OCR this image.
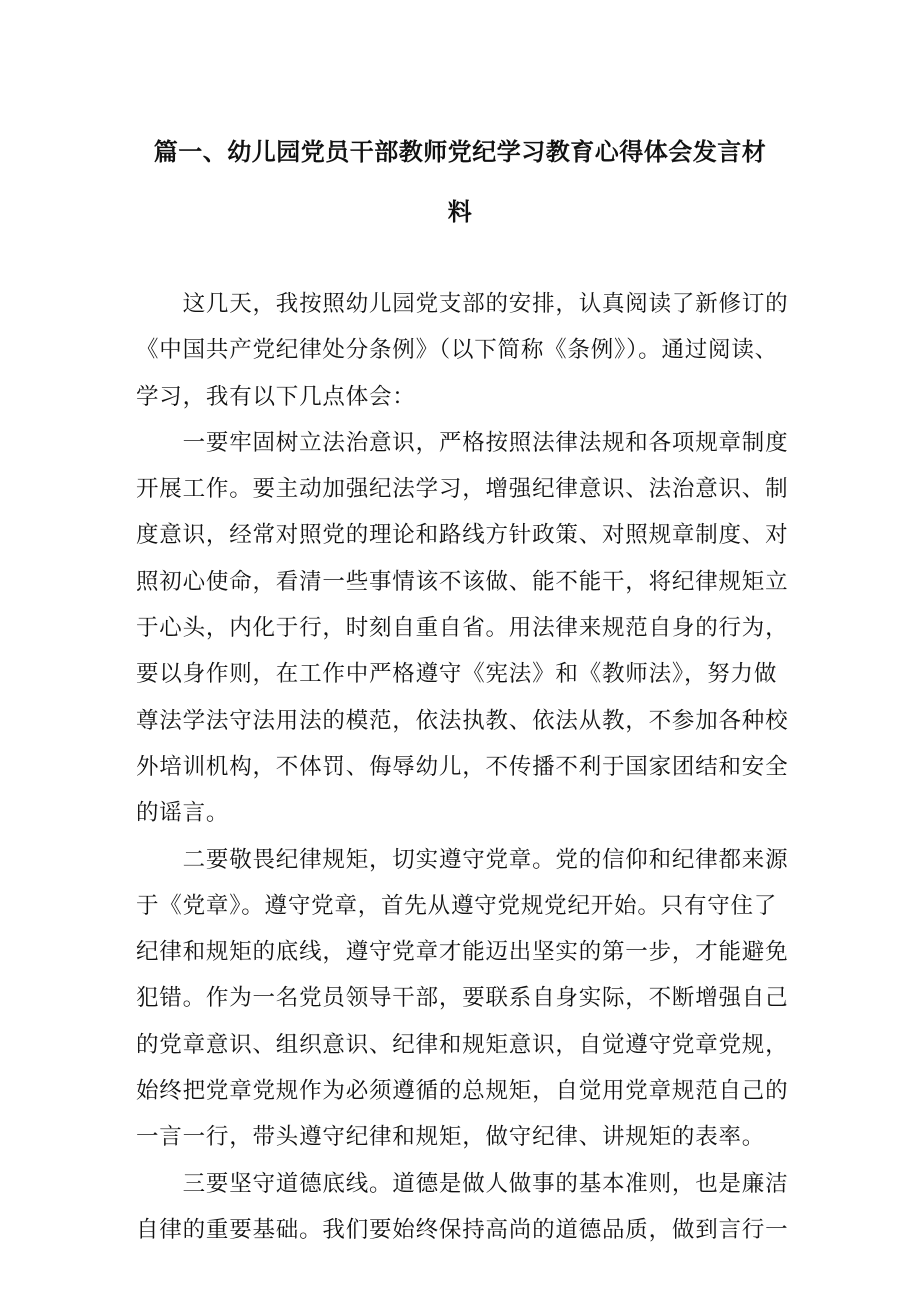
篇一、幼儿园党员干部教师党纪学习教育心得体会发言材
料
　　这几天，我按照幼儿园党支部的安排，认真阅读了新修订的
《中国共产党纪律处分条例》（以下简称《条例》）。通过阅读、
学习，我有以下几点体会：
　　一要牢固树立法治意识，严格按照法律法规和各项规章制度
开展工作。要主动加强纪法学习，增强纪律意识、法治意识、制
度意识，经常对照党的理论和路线方针政策、对照规章制度、对
照初心使命，看清一些事情该不该做、能不能干，将纪律规矩立
于心头，内化于行，时刻自重自省。用法律来规范自身的行为，
要以身作则，在工作中严格遵守《宪法》和《教师法》，努力做
尊法学法守法用法的模范，依法执教、依法从教，不参加各种校
外培训机构，不体罚、侮辱幼儿，不传播不利于国家团结和安全
的谣言。
　　二要敬畏纪律规矩，切实遵守党章。党的信仰和纪律都来源
于《党章》。遵守党章，首先从遵守党规党纪开始。只有守住了
纪律和规矩的底线，遵守党章才能迈出坚实的第一步，才能避免
犯错。作为一名党员领导干部，要联系自身实际，不断增强自己
的党章意识、组织意识、纪律和规矩意识，自觉遵守党章党规，
始终把党章党规作为必须遵循的总规矩，自觉用党章规范自己的
一言一行，带头遵守纪律和规矩，做守纪律、讲规矩的表率。
　　三要坚守道德底线。道德是做人做事的基本准则，也是廉洁
自律的重要基础。我们要始终保持高尚的道德品质，做到言行一
